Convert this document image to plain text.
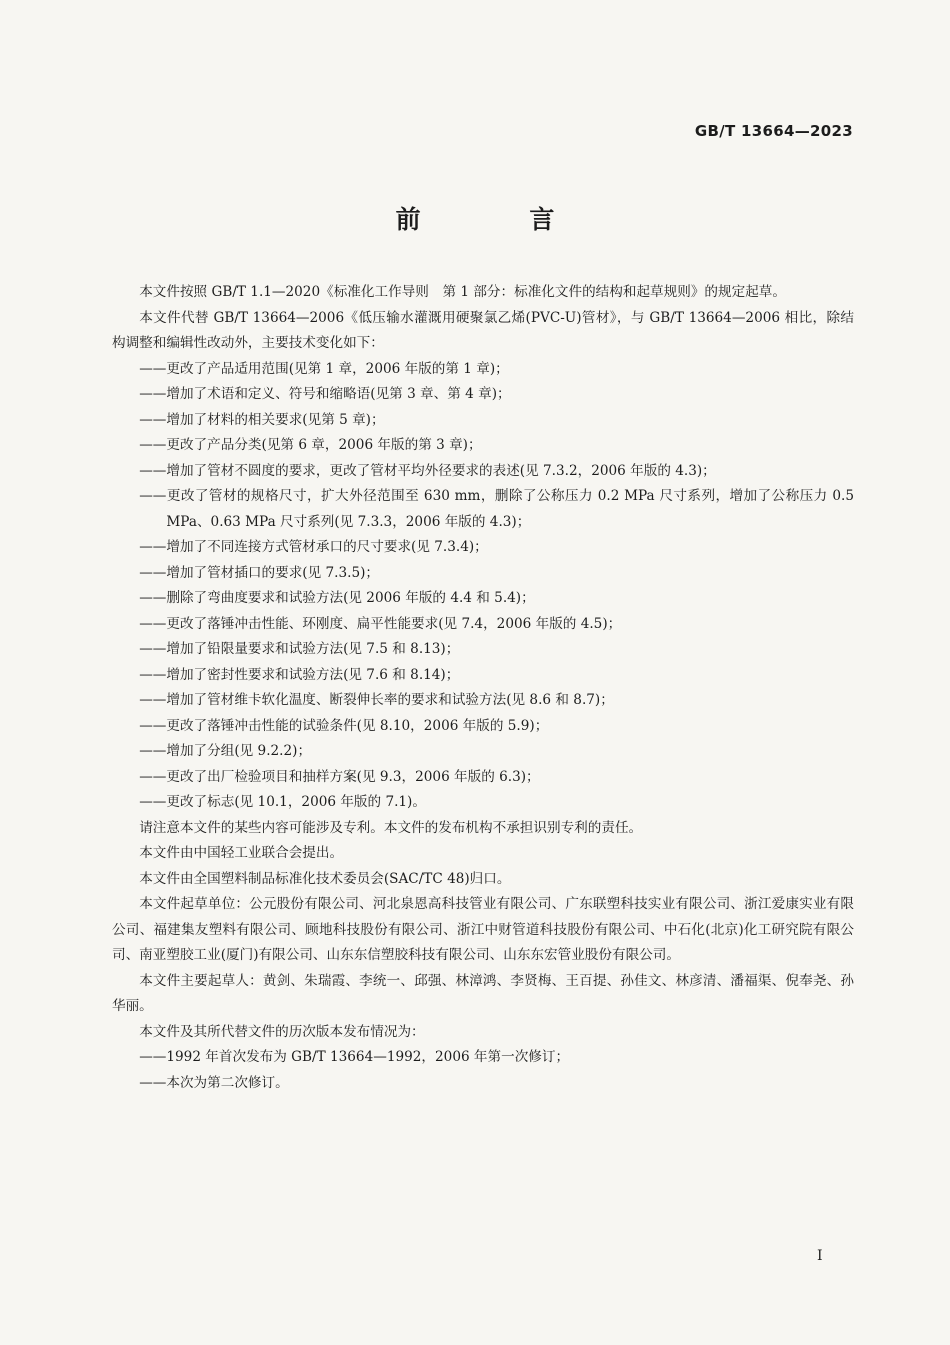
GB/T 13664—2023
前 言

本文件按照 GB/T 1.1—2020《标准化工作导则　第 1 部分：标准化文件的结构和起草规则》的规定起草。

本文件代替 GB/T 13664—2006《低压输水灌溉用硬聚氯乙烯(PVC-U)管材》，与 GB/T 13664—2006 相比，除结构调整和编辑性改动外，主要技术变化如下：

——更改了产品适用范围(见第 1 章，2006 年版的第 1 章)；

——增加了术语和定义、符号和缩略语(见第 3 章、第 4 章)；

——增加了材料的相关要求(见第 5 章)；

——更改了产品分类(见第 6 章，2006 年版的第 3 章)；

——增加了管材不圆度的要求，更改了管材平均外径要求的表述(见 7.3.2，2006 年版的 4.3)；

——更改了管材的规格尺寸，扩大外径范围至 630 mm，删除了公称压力 0.2 MPa 尺寸系列，增加了公称压力 0.5 MPa、0.63 MPa 尺寸系列(见 7.3.3，2006 年版的 4.3)；

——增加了不同连接方式管材承口的尺寸要求(见 7.3.4)；

——增加了管材插口的要求(见 7.3.5)；

——删除了弯曲度要求和试验方法(见 2006 年版的 4.4 和 5.4)；

——更改了落锤冲击性能、环刚度、扁平性能要求(见 7.4，2006 年版的 4.5)；

——增加了铅限量要求和试验方法(见 7.5 和 8.13)；

——增加了密封性要求和试验方法(见 7.6 和 8.14)；

——增加了管材维卡软化温度、断裂伸长率的要求和试验方法(见 8.6 和 8.7)；

——更改了落锤冲击性能的试验条件(见 8.10，2006 年版的 5.9)；

——增加了分组(见 9.2.2)；

——更改了出厂检验项目和抽样方案(见 9.3，2006 年版的 6.3)；

——更改了标志(见 10.1，2006 年版的 7.1)。

请注意本文件的某些内容可能涉及专利。本文件的发布机构不承担识别专利的责任。

本文件由中国轻工业联合会提出。

本文件由全国塑料制品标准化技术委员会(SAC/TC 48)归口。

本文件起草单位：公元股份有限公司、河北泉恩高科技管业有限公司、广东联塑科技实业有限公司、浙江爱康实业有限公司、福建集友塑料有限公司、顾地科技股份有限公司、浙江中财管道科技股份有限公司、中石化(北京)化工研究院有限公司、南亚塑胶工业(厦门)有限公司、山东东信塑胶科技有限公司、山东东宏管业股份有限公司。

本文件主要起草人：黄剑、朱瑞霞、李统一、邱强、林漳鸿、李贤梅、王百提、孙佳文、林彦清、潘福渠、倪奉尧、孙华丽。

本文件及其所代替文件的历次版本发布情况为：

——1992 年首次发布为 GB/T 13664—1992，2006 年第一次修订；

——本次为第二次修订。

I
